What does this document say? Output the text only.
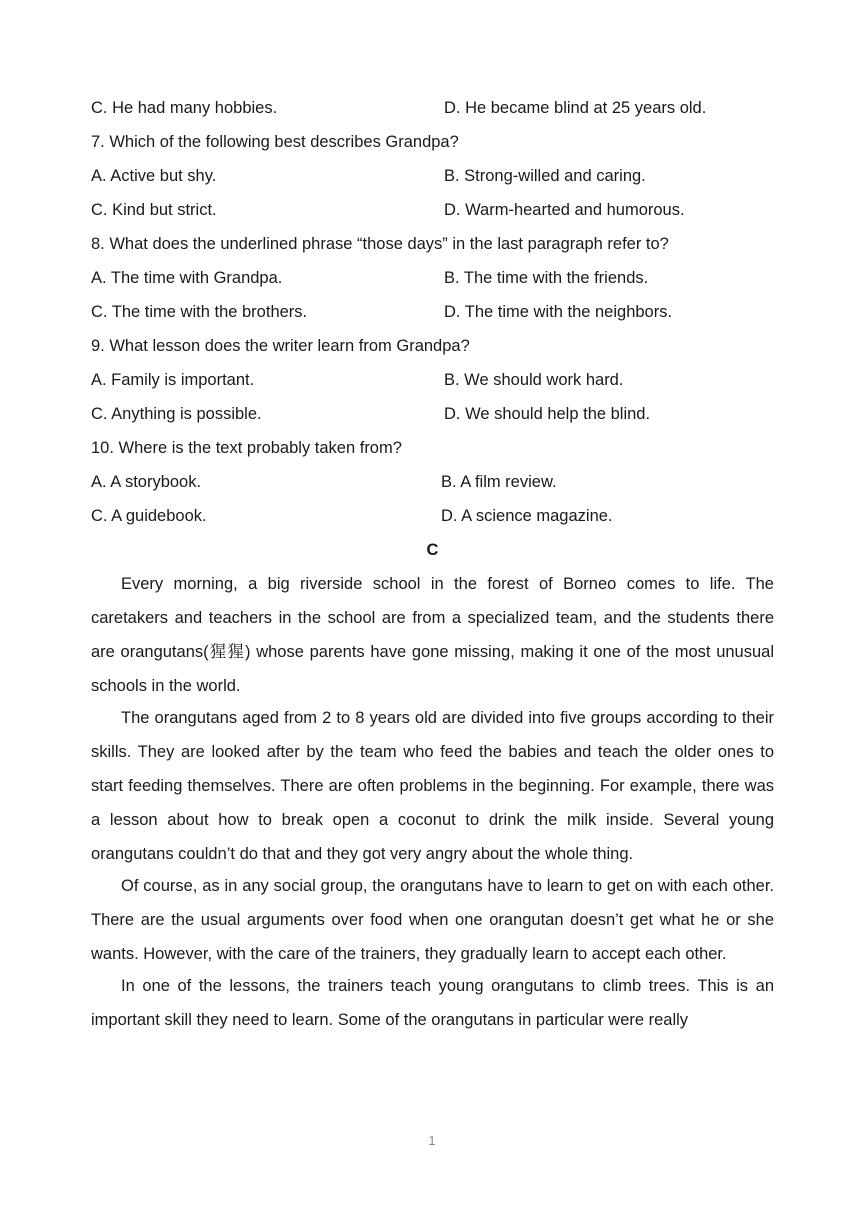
C. He had many hobbies.	D. He became blind at 25 years old.
7. Which of the following best describes Grandpa?
A. Active but shy.	B. Strong-willed and caring.
C. Kind but strict.	D. Warm-hearted and humorous.
8. What does the underlined phrase “those days” in the last paragraph refer to?
A. The time with Grandpa.	B. The time with the friends.
C. The time with the brothers.	D. The time with the neighbors.
9. What lesson does the writer learn from Grandpa?
A. Family is important.	B. We should work hard.
C. Anything is possible.	D. We should help the blind.
10. Where is the text probably taken from?
A. A storybook.	B. A film review.
C. A guidebook.	D. A science magazine.
C

Every morning, a big riverside school in the forest of Borneo comes to life. The caretakers and teachers in the school are from a specialized team, and the students there are orangutans(猩猩) whose parents have gone missing, making it one of the most unusual schools in the world.

The orangutans aged from 2 to 8 years old are divided into five groups according to their skills. They are looked after by the team who feed the babies and teach the older ones to start feeding themselves. There are often problems in the beginning. For example, there was a lesson about how to break open a coconut to drink the milk inside. Several young orangutans couldn’t do that and they got very angry about the whole thing.

Of course, as in any social group, the orangutans have to learn to get on with each other. There are the usual arguments over food when one orangutan doesn’t get what he or she wants. However, with the care of the trainers, they gradually learn to accept each other.

In one of the lessons, the trainers teach young orangutans to climb trees. This is an important skill they need to learn. Some of the orangutans in particular were really

1
